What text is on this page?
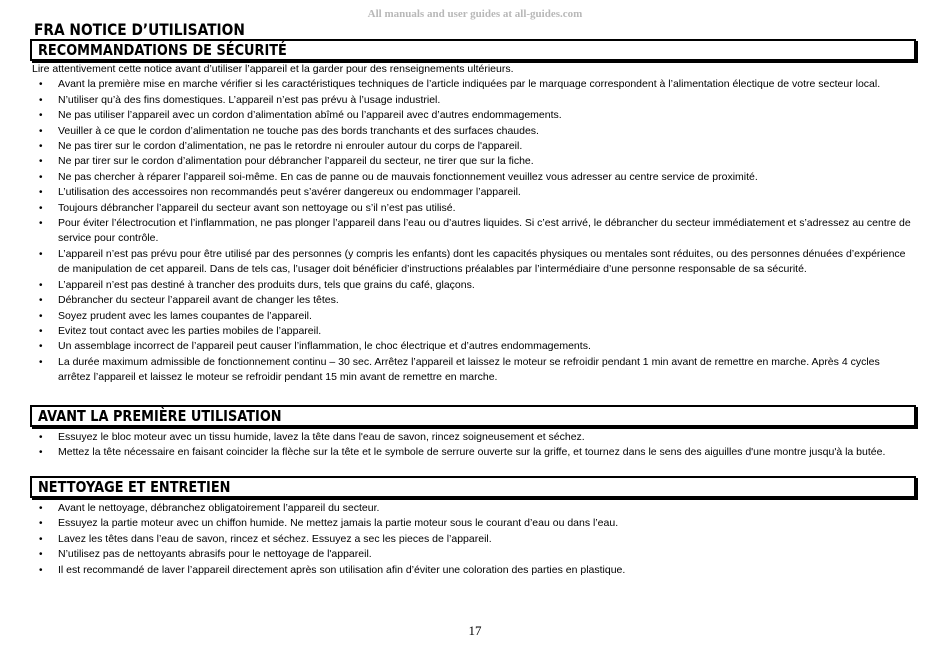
All manuals and user guides at all-guides.com
FRA NOTICE D’UTILISATION
RECOMMANDATIONS DE SÉCURITÉ

Lire attentivement cette notice avant d’utiliser l’appareil et la garder pour des renseignements ultérieurs.

• Avant la première mise en marche vérifier si les caractéristiques techniques de l’article indiquées par le marquage correspondent à l’alimentation électique de votre secteur local.
• N’utiliser qu’à des fins domestiques. L’appareil n’est pas prévu à l’usage industriel.
• Ne pas utiliser l’appareil avec un cordon d’alimentation abîmé ou l’appareil avec d’autres endommagements.
• Veuiller à ce que le cordon d’alimentation ne touche pas des bords tranchants et des surfaces chaudes.
• Ne pas tirer sur le cordon d’alimentation, ne pas le retordre ni enrouler autour du corps de l'appareil.
• Ne par tirer sur le cordon d’alimentation pour débrancher l’appareil du secteur, ne tirer que sur la fiche.
• Ne pas chercher à réparer l’appareil soi-même. En cas de panne ou de mauvais fonctionnement veuillez vous adresser au centre service de proximité.
• L’utilisation des accessoires non recommandés peut s’avérer dangereux ou endommager l’appareil.
• Toujours débrancher l’appareil du secteur avant son nettoyage ou s’il n’est pas utilisé.
• Pour éviter l’électrocution et l’inflammation, ne pas plonger l’appareil dans l’eau ou d’autres liquides. Si c’est arrivé, le débrancher du secteur immédiatement et s’adressez au centre de service pour contrôle.
• L’appareil n’est pas prévu pour être utilisé par des personnes (y compris les enfants) dont les capacités physiques ou mentales sont réduites, ou des personnes dénuées d’expérience de manipulation de cet appareil. Dans de tels cas, l’usager doit bénéficier d’instructions préalables par l’intermédiaire d’une personne responsable de sa sécurité.
• L’appareil n’est pas destiné à trancher des produits durs, tels que grains du café, glaçons.
• Débrancher du secteur l’appareil avant de changer les têtes.
• Soyez prudent avec les lames coupantes de l’appareil.
• Evitez tout contact avec les parties mobiles de l’appareil.
• Un assemblage incorrect de l’appareil peut causer l’inflammation, le choc électrique et d’autres endommagements.
• La durée maximum admissible de fonctionnement continu – 30 sec. Arrêtez l’appareil et laissez le moteur se refroidir pendant 1 min avant de remettre en marche. Après 4 cycles arrêtez l’appareil et laissez le moteur se refroidir pendant 15 min avant de remettre en marche.
AVANT LA PREMIÈRE UTILISATION
• Essuyez le bloc moteur avec un tissu humide, lavez la tête dans l'eau de savon, rincez soigneusement et séchez.
• Mettez la tête nécessaire en faisant coincider la flèche sur la tête et le symbole de serrure ouverte sur la griffe, et tournez dans le sens des aiguilles d'une montre jusqu'à la butée.
NETTOYAGE ET ENTRETIEN
• Avant le nettoyage, débranchez obligatoirement l’appareil du secteur.
• Essuyez la partie moteur avec un chiffon humide. Ne mettez jamais la partie moteur sous le courant d’eau ou dans l’eau.
• Lavez les têtes dans l’eau de savon, rincez et séchez. Essuyez a sec les piеces de l’appareil.
• N’utilisez pas de nettoyants abrasifs pour le nettoyage de l'appareil.
• Il est recommandé de laver l’appareil directement après son utilisation afin d’éviter une coloration des parties en plastique.
17
